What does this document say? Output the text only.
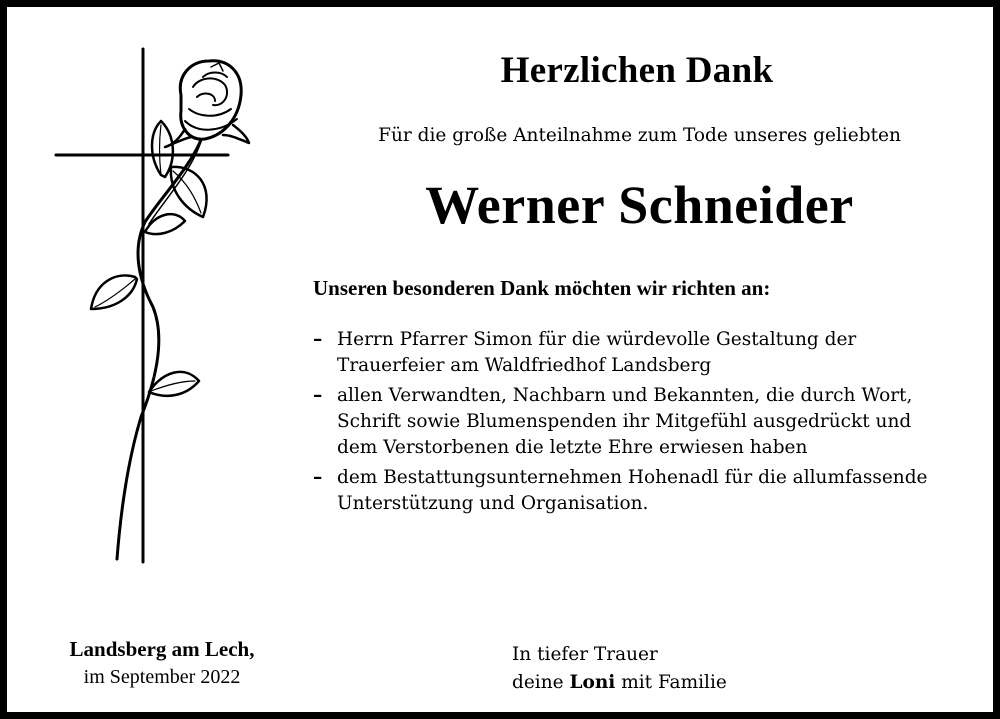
Herzlichen Dank

Für die große Anteilnahme zum Tode unseres geliebten

Werner Schneider

Unseren besonderen Dank möchten wir richten an:

– Herrn Pfarrer Simon für die würdevolle Gestaltung der Trauerfeier am Waldfriedhof Landsberg
– allen Verwandten, Nachbarn und Bekannten, die durch Wort, Schrift sowie Blumenspenden ihr Mitgefühl ausgedrückt und dem Verstorbenen die letzte Ehre erwiesen haben
– dem Bestattungsunternehmen Hohenadl für die allumfassende Unterstützung und Organisation.

Landsberg am Lech,
im September 2022

In tiefer Trauer
deine Loni mit Familie
